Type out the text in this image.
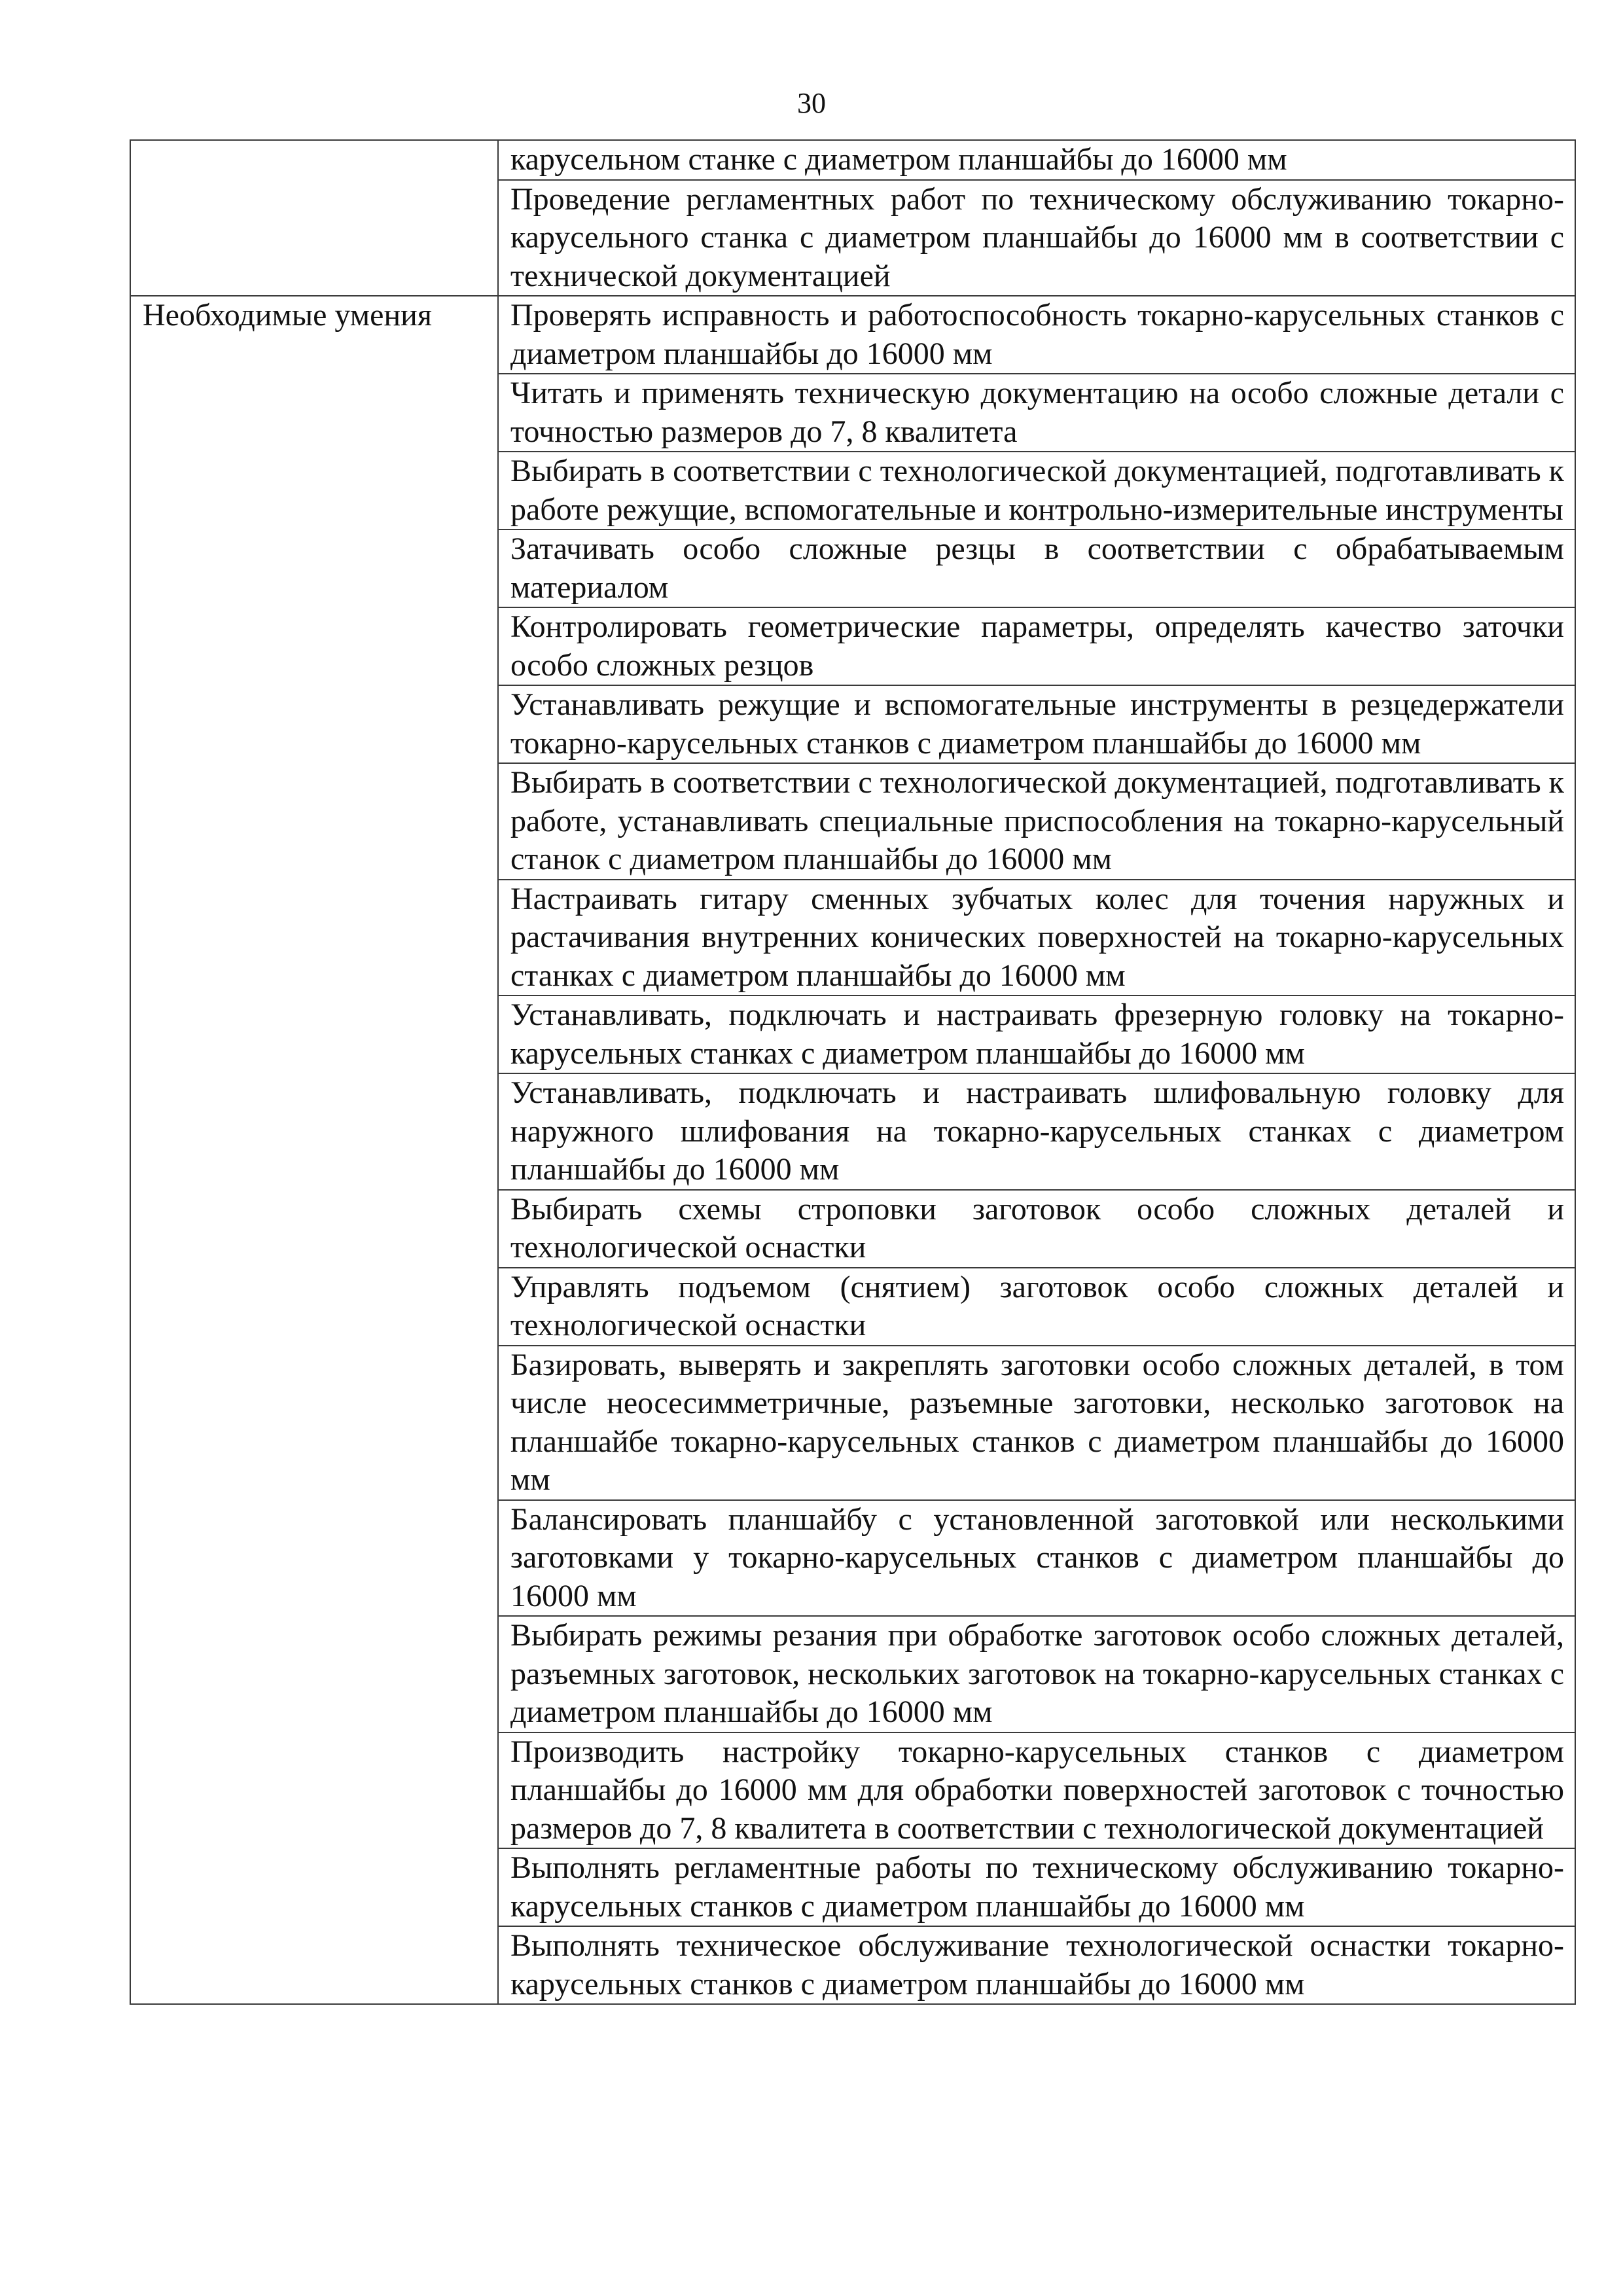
30

	карусельном станке с диаметром планшайбы до 16000 мм

	Проведение регламентных работ по техническому обслуживанию токарно-карусельного станка с диаметром планшайбы до 16000 мм в соответствии с технической документацией

Необходимые умения	Проверять исправность и работоспособность токарно-карусельных станков с диаметром планшайбы до 16000 мм

	Читать и применять техническую документацию на особо сложные детали с точностью размеров до 7, 8 квалитета

	Выбирать в соответствии с технологической документацией, подготавливать к работе режущие, вспомогательные и контрольно-измерительные инструменты

	Затачивать особо сложные резцы в соответствии с обрабатываемым материалом

	Контролировать геометрические параметры, определять качество заточки особо сложных резцов

	Устанавливать режущие и вспомогательные инструменты в резцедержатели токарно-карусельных станков с диаметром планшайбы до 16000 мм

	Выбирать в соответствии с технологической документацией, подготавливать к работе, устанавливать специальные приспособления на токарно-карусельный станок с диаметром планшайбы до 16000 мм

	Настраивать гитару сменных зубчатых колес для точения наружных и растачивания внутренних конических поверхностей на токарно-карусельных станках с диаметром планшайбы до 16000 мм

	Устанавливать, подключать и настраивать фрезерную головку на токарно-карусельных станках с диаметром планшайбы до 16000 мм

	Устанавливать, подключать и настраивать шлифовальную головку для наружного шлифования на токарно-карусельных станках с диаметром планшайбы до 16000 мм

	Выбирать схемы строповки заготовок особо сложных деталей и технологической оснастки

	Управлять подъемом (снятием) заготовок особо сложных деталей и технологической оснастки

	Базировать, выверять и закреплять заготовки особо сложных деталей, в том числе неосесимметричные, разъемные заготовки, несколько заготовок на планшайбе токарно-карусельных станков с диаметром планшайбы до 16000 мм

	Балансировать планшайбу с установленной заготовкой или несколькими заготовками у токарно-карусельных станков с диаметром планшайбы до 16000 мм

	Выбирать режимы резания при обработке заготовок особо сложных деталей, разъемных заготовок, нескольких заготовок на токарно-карусельных станках с диаметром планшайбы до 16000 мм

	Производить настройку токарно-карусельных станков с диаметром планшайбы до 16000 мм для обработки поверхностей заготовок с точностью размеров до 7, 8 квалитета в соответствии с технологической документацией

	Выполнять регламентные работы по техническому обслуживанию токарно-карусельных станков с диаметром планшайбы до 16000 мм

	Выполнять техническое обслуживание технологической оснастки токарно-карусельных станков с диаметром планшайбы до 16000 мм
